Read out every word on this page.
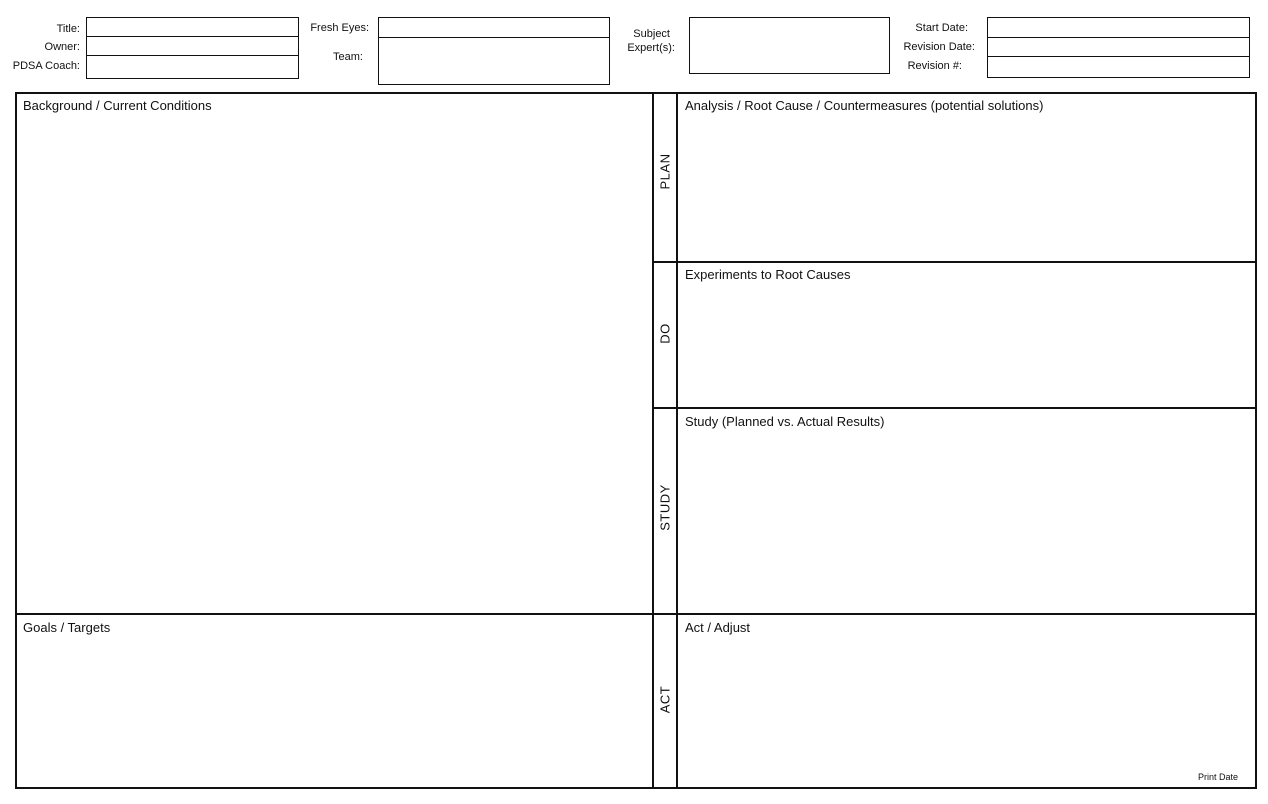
Title:
Owner:
PDSA Coach:
Fresh Eyes:
Team:
Subject
Expert(s):
Start Date:
Revision Date:
Revision #:
Background / Current Conditions
Goals / Targets
Analysis / Root Cause / Countermeasures (potential solutions)
Experiments to Root Causes
Study (Planned vs. Actual Results)
Act / Adjust
PLAN
DO
STUDY
ACT
Print Date
